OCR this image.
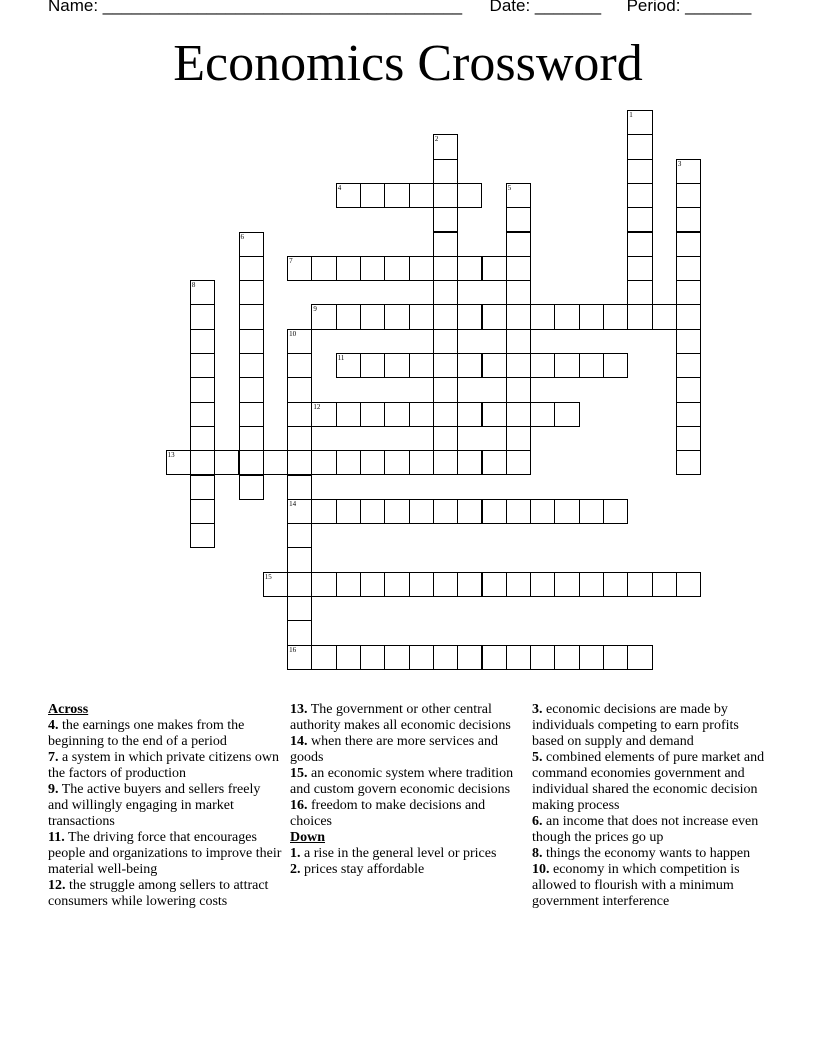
Name: ______________________________________ Date: _______ Period: _______
Economics Crossword
1
2
3
4	5
6
7
8
9
10
11
12
13
14
15
16
Across
4. the earnings one makes from the beginning to the end of a period
7. a system in which private citizens own the factors of production
9. The active buyers and sellers freely and willingly engaging in market transactions
11. The driving force that encourages people and organizations to improve their material well-being
12. the struggle among sellers to attract consumers while lowering costs
13. The government or other central authority makes all economic decisions
14. when there are more services and goods
15. an economic system where tradition and custom govern economic decisions
16. freedom to make decisions and choices
Down
1. a rise in the general level or prices
2. prices stay affordable
3. economic decisions are made by individuals competing to earn profits based on supply and demand
5. combined elements of pure market and command economies government and individual shared the economic decision making process
6. an income that does not increase even though the prices go up
8. things the economy wants to happen
10. economy in which competition is allowed to flourish with a minimum government interference
